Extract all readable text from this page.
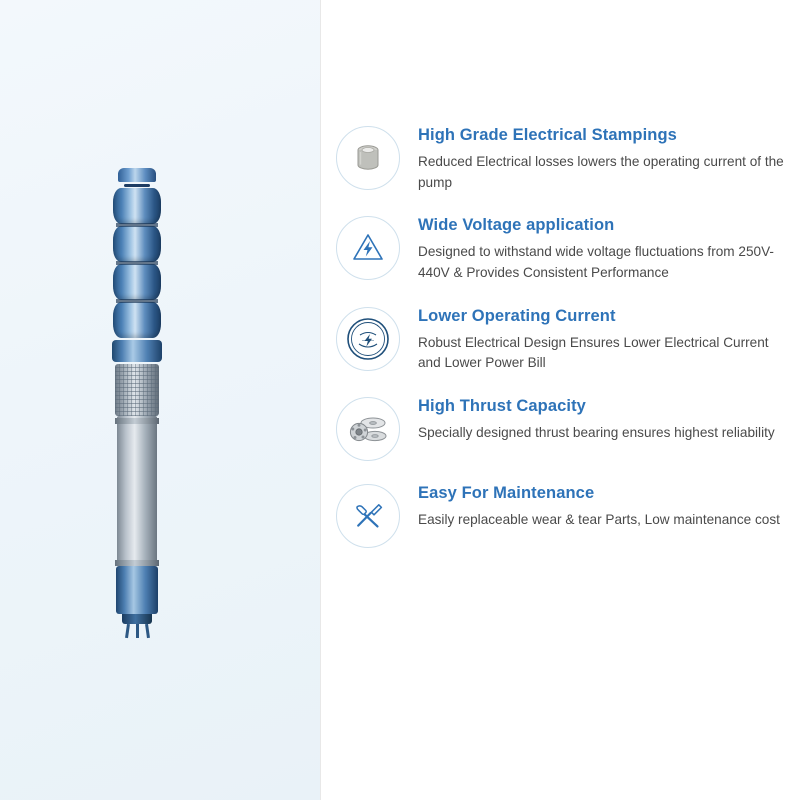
High Grade Electrical Stampings

Reduced Electrical losses lowers the operating current of the pump

Wide Voltage application

Designed to withstand wide voltage fluctuations from 250V-440V & Provides Consistent Performance

Lower Operating Current

Robust Electrical Design Ensures Lower Electrical Current and Lower Power Bill

High Thrust Capacity

Specially designed thrust bearing ensures highest reliability

Easy For Maintenance

Easily replaceable wear & tear Parts, Low maintenance cost
